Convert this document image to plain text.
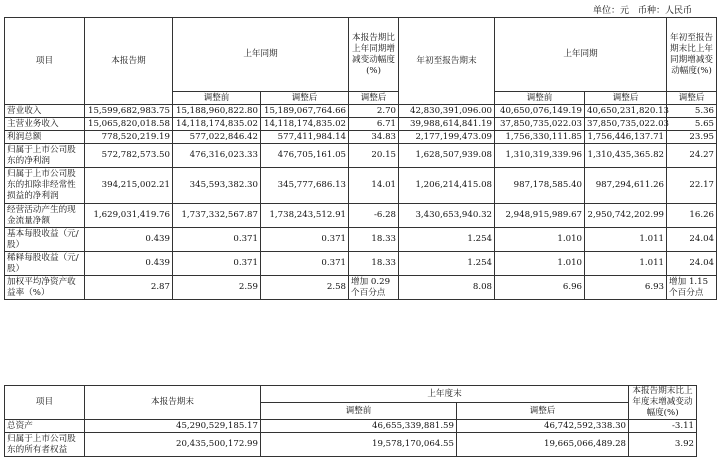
单位：元　币种：人民币
项目	本报告期	上年同期		本报告期比上年同期增减变动幅度(%)	年初至报告期末	上年同期		年初至报告期末比上年同期增减变动幅度(%)
		调整前	调整后	调整后		调整前	调整后	调整后
营业收入	15,599,682,983.75	15,188,960,822.80	15,189,067,764.66	2.70	42,830,391,096.00	40,650,076,149.19	40,650,231,820.13	5.36
主营业务收入	15,065,820,018.58	14,118,174,835.02	14,118,174,835.02	6.71	39,988,614,841.19	37,850,735,022.03	37,850,735,022.03	5.65
利润总额	778,520,219.19	577,022,846.42	577,411,984.14	34.83	2,177,199,473.09	1,756,330,111.85	1,756,446,137.71	23.95
归属于上市公司股东的净利润	572,782,573.50	476,316,023.33	476,705,161.05	20.15	1,628,507,939.08	1,310,319,339.96	1,310,435,365.82	24.27
归属于上市公司股东的扣除非经常性损益的净利润	394,215,002.21	345,593,382.30	345,777,686.13	14.01	1,206,214,415.08	987,178,585.40	987,294,611.26	22.17
经营活动产生的现金流量净额	1,629,031,419.76	1,737,332,567.87	1,738,243,512.91	-6.28	3,430,653,940.32	2,948,915,989.67	2,950,742,202.99	16.26
基本每股收益（元/股）	0.439	0.371	0.371	18.33	1.254	1.010	1.011	24.04
稀释每股收益（元/股）	0.439	0.371	0.371	18.33	1.254	1.010	1.011	24.04
加权平均净资产收益率（%）	2.87	2.59	2.58	增加 0.29 个百分点	8.08	6.96	6.93	增加 1.15 个百分点
项目	本报告期末	上年度末		本报告期末比上年度末增减变动幅度(%)
		调整前	调整后	
总资产	45,290,529,185.17	46,655,339,881.59	46,742,592,338.30	-3.11
归属于上市公司股东的所有者权益	20,435,500,172.99	19,578,170,064.55	19,665,066,489.28	3.92
